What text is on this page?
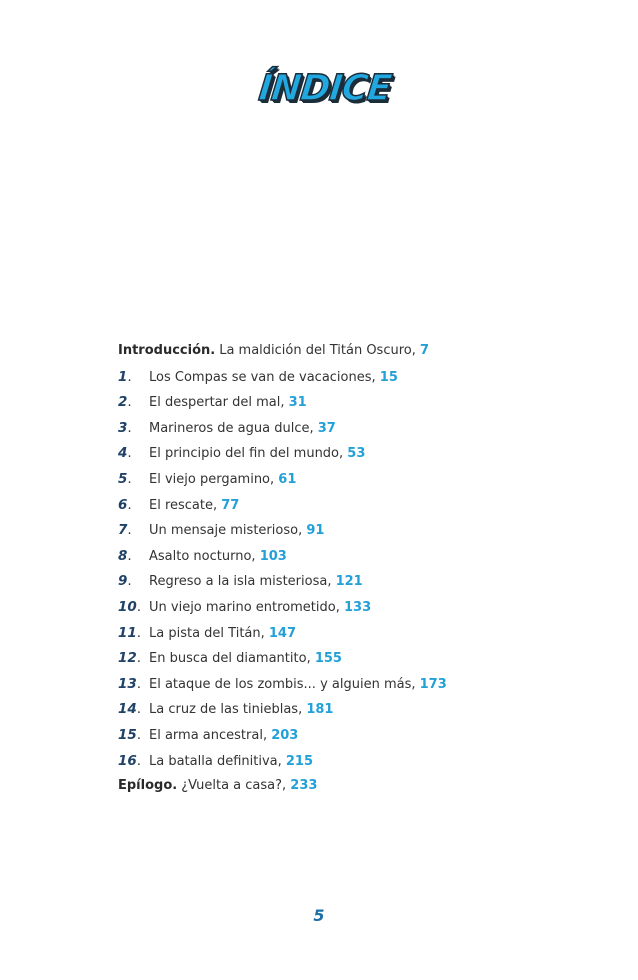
ÍNDICE
Introducción. La maldición del Titán Oscuro , 7
1.	Los Compas se van de vacaciones , 15
2.	El despertar del mal , 31
3.	Marineros de agua dulce , 37
4.	El principio del fin del mundo , 53
5.	El viejo pergamino , 61
6.	El rescate , 77
7.	Un mensaje misterioso , 91
8.	Asalto nocturno , 103
9.	Regreso a la isla misteriosa , 121
10. Un viejo marino entrometido , 133
11. La pista del Titán , 147
12. En busca del diamantito , 155
13. El ataque de los zombis... y alguien más , 173
14. La cruz de las tinieblas , 181
15. El arma ancestral , 203
16. La batalla definitiva , 215
Epílogo. ¿Vuelta a casa? , 233
5
